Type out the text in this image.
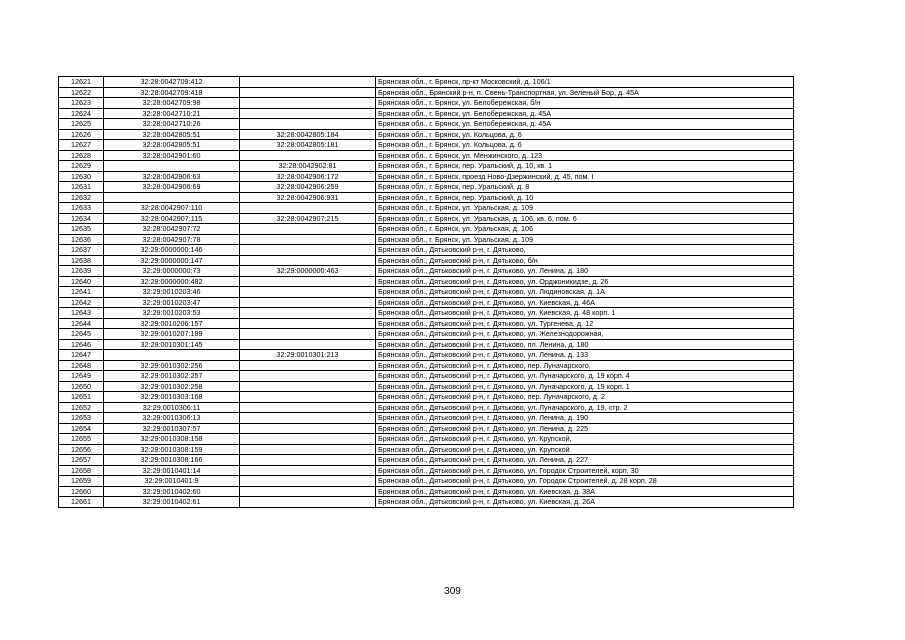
12621	32:28:0042709:412		Брянская обл., г. Брянск, пр-кт Московский, д. 106/1
12622	32:28:0042709:418		Брянская обл., Брянский р-н, п. Свень-Транспортная, ул. Зеленый Бор, д. 45А
12623	32:28:0042709:98		Брянская обл., г. Брянск, ул. Белобережская, б/н
12624	32:28:0042710:21		Брянская обл., г. Брянск, ул. Белобережская, д. 45А
12625	32:28:0042710:26		Брянская обл., г. Брянск, ул. Белобережская, д. 45А
12626	32:28:0042805:51	32:28:0042805:184	Брянская обл., г. Брянск, ул. Кольцова, д. 6
12627	32:28:0042805:51	32:28:0042805:181	Брянская обл., г. Брянск, ул. Кольцова, д. 6
12628	32:28:0042901:60		Брянская обл., г. Брянск, ул. Менжинского, д. 123
12629		32:28:0042902:81	Брянская обл., г. Брянск, пер. Уральский, д. 10, кв. 1
12630	32:28:0042906:63	32:28:0042906:172	Брянская обл., г. Брянск, проезд Ново-Дзержинский, д. 45, пом. I
12631	32:28:0042906:69	32:28:0042906:259	Брянская обл., г. Брянск, пер. Уральский, д. 8
12632		32:28:0042906:931	Брянская обл., г. Брянск, пер. Уральский, д. 10
12633	32:28:0042907:110		Брянская обл., г. Брянск, ул. Уральская, д. 109
12634	32:28:0042907:115	32:28:0042907:215	Брянская обл., г. Брянск, ул. Уральская, д. 106, кв. 6, пом. 6
12635	32:28:0042907:72		Брянская обл., г. Брянск, ул. Уральская, д. 106
12636	32:28:0042907:78		Брянская обл., г. Брянск, ул. Уральская, д. 109
12637	32:29:0000000:146		Брянская обл., Дятьковский р-н, г. Дятьково,
12638	32:29:0000000:147		Брянская обл., Дятьковский р-н, г. Дятьково, б/н
12639	32:29:0000000:73	32:29:0000000:463	Брянская обл., Дятьковский р-н, г. Дятьково, ул. Ленина, д. 180
12640	32:29:0000000:482		Брянская обл., Дятьковский р-н, г. Дятьково, ул. Орджоникидзе, д. 26
12641	32:29:0010203:46		Брянская обл., Дятьковский р-н, г. Дятьково, ул. Людиновская, д. 1А
12642	32:29:0010203:47		Брянская обл., Дятьковский р-н, г. Дятьково, ул. Киевская, д. 46А
12643	32:29:0010203:53		Брянская обл., Дятьковский р-н, г. Дятьково, ул. Киевская, д. 48 корп. 1
12644	32:29:0010206:157		Брянская обл., Дятьковский р-н, г. Дятьково, ул. Тургенева, д. 12
12645	32:29:0010207:189		Брянская обл., Дятьковский р-н, г. Дятьково, ул. Железнодорожная,
12646	32:29:0010301:145		Брянская обл., Дятьковский р-н, г. Дятьково, пл. Ленина, д. 180
12647		32:29:0010301:213	Брянская обл., Дятьковский р-н, г. Дятьково, ул. Ленина, д. 133
12648	32:29:0010302:256		Брянская обл., Дятьковский р-н, г. Дятьково, пер. Луначарского,
12649	32:29:0010302:257		Брянская обл., Дятьковский р-н, г. Дятьково, ул. Луначарского, д. 19 корп. 4
12650	32:29:0010302:258		Брянская обл., Дятьковский р-н, г. Дятьково, ул. Луначарского, д. 19 корп. 1
12651	32:29:0010303:168		Брянская обл., Дятьковский р-н, г. Дятьково, пер. Луначарского, д. 2
12652	32:29:0010306:11		Брянская обл., Дятьковский р-н, г. Дятьково, ул. Луначарского, д. 19, стр. 2
12653	32:29:0010306:13		Брянская обл., Дятьковский р-н, г. Дятьково, ул. Ленина, д. 190
12654	32:29:0010307:57		Брянская обл., Дятьковский р-н, г. Дятьково, ул. Ленина, д. 225
12655	32:29:0010308:158		Брянская обл., Дятьковский р-н, г. Дятьково, ул. Крупской,
12656	32:29:0010308:159		Брянская обл., Дятьковский р-н, г. Дятьково, ул. Крупской
12657	32:29:0010308:166		Брянская обл., Дятьковский р-н, г. Дятьково, ул. Ленина, д. 227
12658	32:29:0010401:14		Брянская обл., Дятьковский р-н, г. Дятьково, ул. Городок Строителей, корп. 30
12659	32:29:0010401:9		Брянская обл., Дятьковский р-н, г. Дятьково, ул. Городок Строителей, д. 28 корп. 28
12660	32:29:0010402:60		Брянская обл., Дятьковский р-н, г. Дятьково, ул. Киевская, д. 38А
12661	32:29:0010402:61		Брянская обл., Дятьковский р-н, г. Дятьково, ул. Киевская, д. 26А
309
